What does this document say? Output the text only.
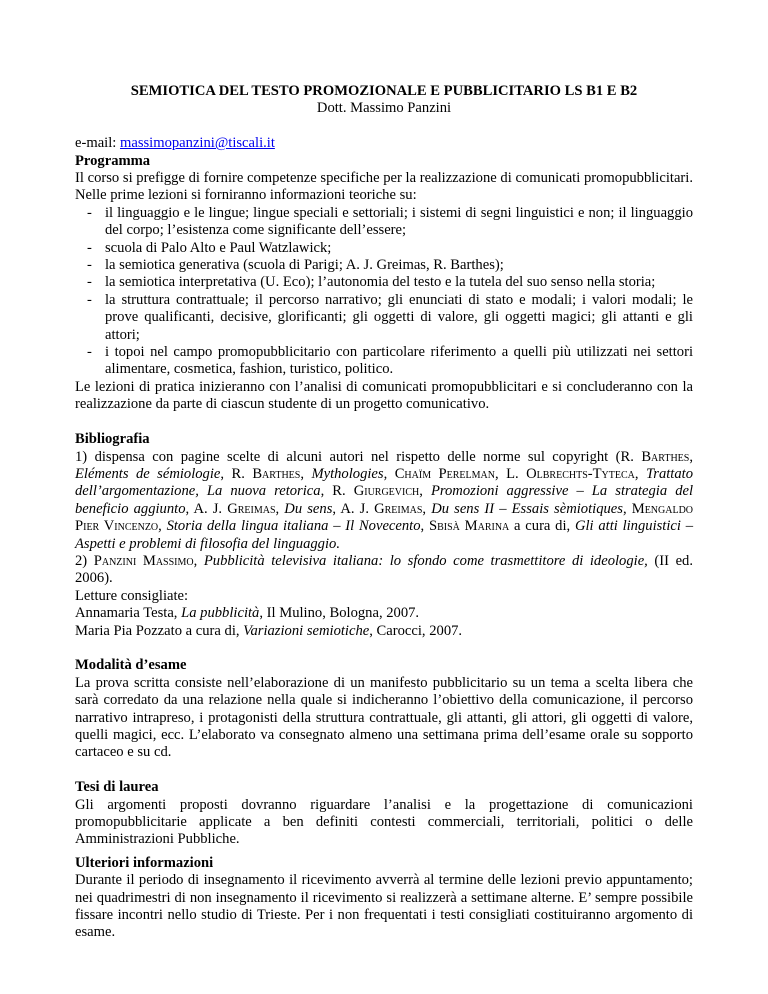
SEMIOTICA DEL TESTO PROMOZIONALE E PUBBLICITARIO LS B1 E B2
Dott. Massimo Panzini
e-mail: massimopanzini@tiscali.it
Programma
Il corso si prefigge di fornire competenze specifiche per la realizzazione di comunicati promopubblicitari. Nelle prime lezioni si forniranno informazioni teoriche su:
- il linguaggio e le lingue; lingue speciali e settoriali; i sistemi di segni linguistici e non; il linguaggio del corpo; l’esistenza come significante dell’essere;
- scuola di Palo Alto e Paul Watzlawick;
- la semiotica generativa (scuola di Parigi; A. J. Greimas, R. Barthes);
- la semiotica interpretativa (U. Eco); l’autonomia del testo e la tutela del suo senso nella storia;
- la struttura contrattuale; il percorso narrativo; gli enunciati di stato e modali; i valori modali; le prove qualificanti, decisive, glorificanti; gli oggetti di valore, gli oggetti magici; gli attanti e gli attori;
- i topoi nel campo promopubblicitario con particolare riferimento a quelli più utilizzati nei settori alimentare, cosmetica, fashion, turistico, politico.
Le lezioni di pratica inizieranno con l’analisi di comunicati promopubblicitari e si concluderanno con la realizzazione da parte di ciascun studente di un progetto comunicativo.
Bibliografia
1) dispensa con pagine scelte di alcuni autori nel rispetto delle norme sul copyright (R. Barthes, Eléments de sémiologie, R. Barthes, Mythologies, Chaïm Perelman, L. Olbrechts-Tyteca, Trattato dell’argomentazione, La nuova retorica, R. Giurgevich, Promozioni aggressive – La strategia del beneficio aggiunto, A. J. Greimas, Du sens, A. J. Greimas, Du sens II – Essais sèmiotiques, Mengaldo Pier Vincenzo, Storia della lingua italiana – Il Novecento, Sbisà Marina a cura di, Gli atti linguistici – Aspetti e problemi di filosofia del linguaggio.
2) Panzini Massimo, Pubblicità televisiva italiana: lo sfondo come trasmettitore di ideologie, (II ed. 2006).
Letture consigliate:
Annamaria Testa, La pubblicità, Il Mulino, Bologna, 2007.
Maria Pia Pozzato a cura di, Variazioni semiotiche, Carocci, 2007.
Modalità d’esame
La prova scritta consiste nell’elaborazione di un manifesto pubblicitario su un tema a scelta libera che sarà corredato da una relazione nella quale si indicheranno l’obiettivo della comunicazione, il percorso narrativo intrapreso, i protagonisti della struttura contrattuale, gli attanti, gli attori, gli oggetti di valore, quelli magici, ecc. L’elaborato va consegnato almeno una settimana prima dell’esame orale su sopporto cartaceo e su cd.
Tesi di laurea
Gli argomenti proposti dovranno riguardare l’analisi e la progettazione di comunicazioni promopubblicitarie applicate a ben definiti contesti commerciali, territoriali, politici o delle Amministrazioni Pubbliche.
Ulteriori informazioni
Durante il periodo di insegnamento il ricevimento avverrà al termine delle lezioni previo appuntamento; nei quadrimestri di non insegnamento il ricevimento si realizzerà a settimane alterne. E’ sempre possibile fissare incontri nello studio di Trieste. Per i non frequentati i testi consigliati costituiranno argomento di esame.
